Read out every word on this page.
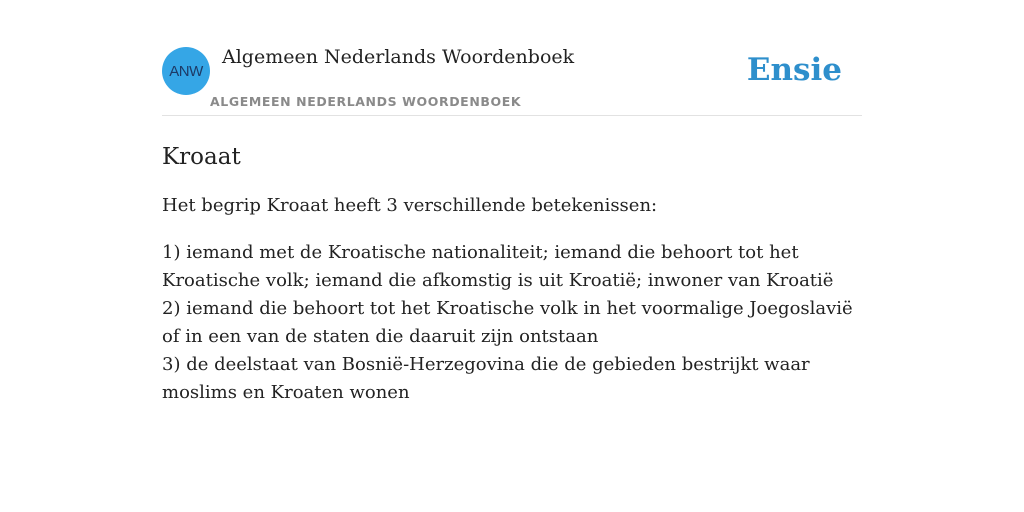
ANW
Algemeen Nederlands Woordenboek
ALGEMEEN NEDERLANDS WOORDENBOEK
Ensie
Kroaat

Het begrip Kroaat heeft 3 verschillende betekenissen:

1) iemand met de Kroatische nationaliteit; iemand die behoort tot het Kroatische volk; iemand die afkomstig is uit Kroatië; inwoner van Kroatië
2) iemand die behoort tot het Kroatische volk in het voormalige Joegoslavië of in een van de staten die daaruit zijn ontstaan
3) de deelstaat van Bosnië-Herzegovina die de gebieden bestrijkt waar moslims en Kroaten wonen
